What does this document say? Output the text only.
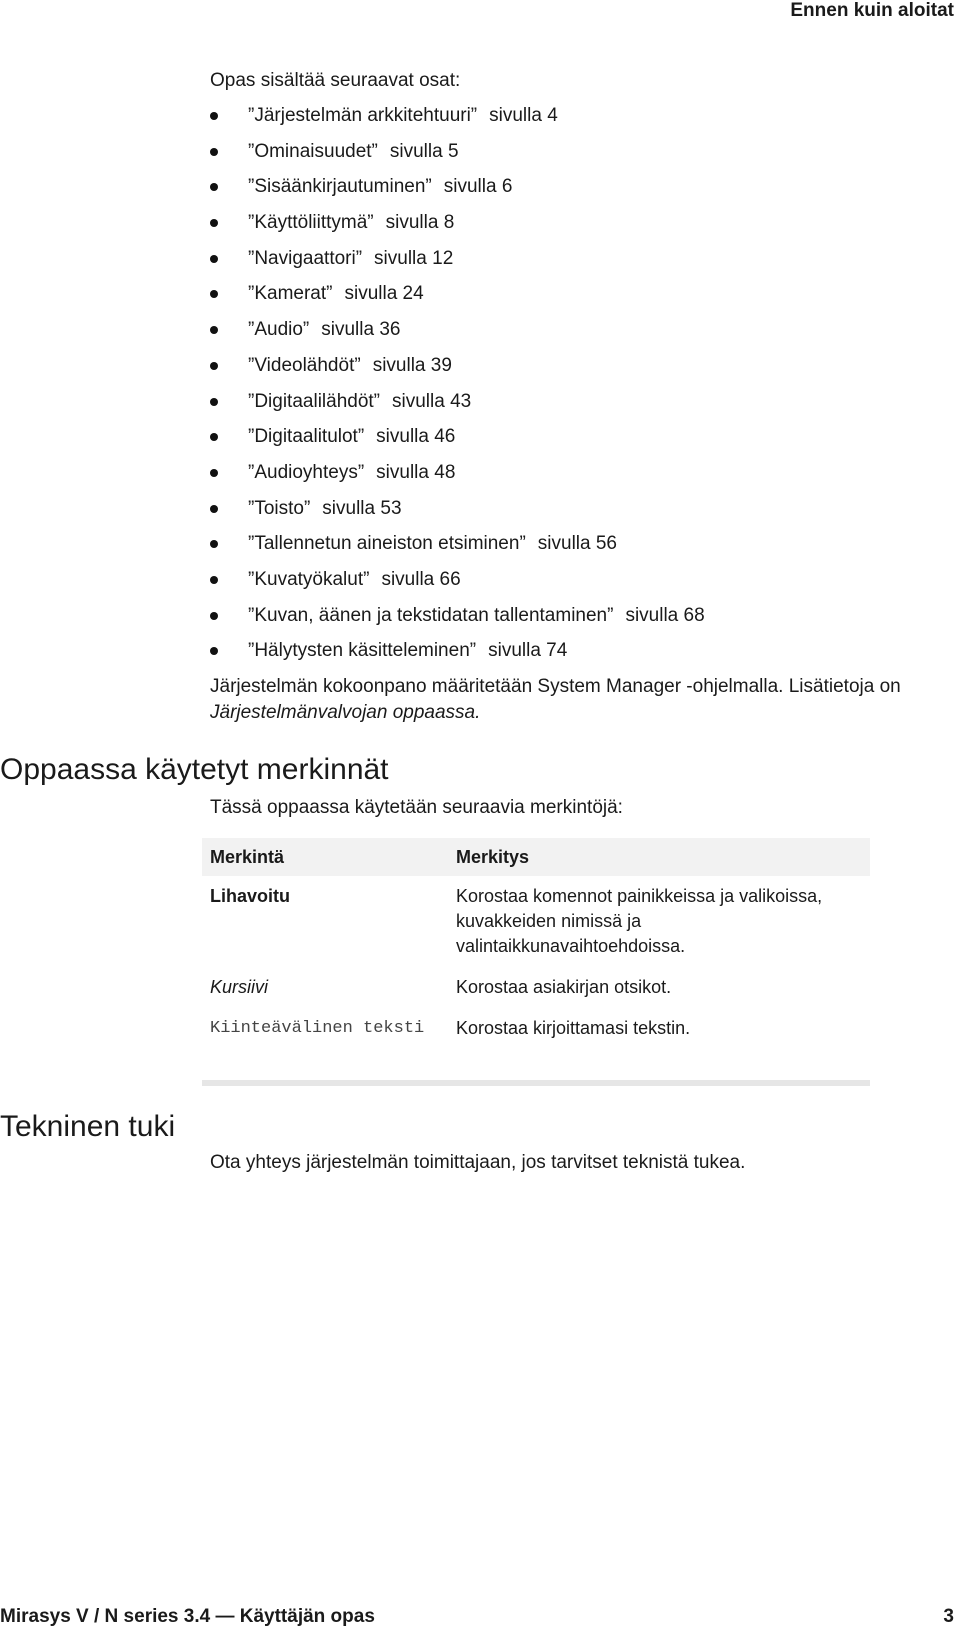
Ennen kuin aloitat

Opas sisältää seuraavat osat:

”Järjestelmän arkkitehtuuri” sivulla 4
”Ominaisuudet” sivulla 5
”Sisäänkirjautuminen” sivulla 6
”Käyttöliittymä” sivulla 8
”Navigaattori” sivulla 12
”Kamerat” sivulla 24
”Audio” sivulla 36
”Videolähdöt” sivulla 39
”Digitaalilähdöt” sivulla 43
”Digitaalitulot” sivulla 46
”Audioyhteys” sivulla 48
”Toisto” sivulla 53
”Tallennetun aineiston etsiminen” sivulla 56
”Kuvatyökalut” sivulla 66
”Kuvan, äänen ja tekstidatan tallentaminen” sivulla 68
”Hälytysten käsitteleminen” sivulla 74

Järjestelmän kokoonpano määritetään System Manager -ohjelmalla. Lisätietoja on

Järjestelmänvalvojan oppaassa.

Oppaassa käytetyt merkinnät

Tässä oppaassa käytetään seuraavia merkintöjä:

Merkintä	Merkitys
Lihavoitu	Korostaa komennot painikkeissa ja valikoissa, kuvakkeiden nimissä ja valintaikkunavaihtoehdoissa.
Kursiivi	Korostaa asiakirjan otsikot.
Kiinteävälinen teksti	Korostaa kirjoittamasi tekstin.
Tekninen tuki

Ota yhteys järjestelmän toimittajaan, jos tarvitset teknistä tukea.

Mirasys V / N series 3.4 — Käyttäjän opas	3
